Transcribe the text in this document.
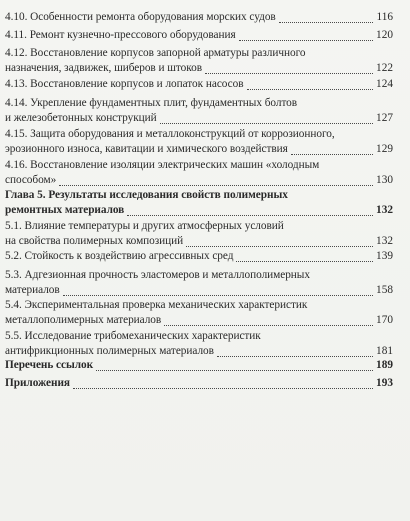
4.10. Особенности ремонта оборудования морских судов	116
4.11. Ремонт кузнечно-прессового оборудования	120
4.12. Восстановление корпусов запорной арматуры различного
назначения, задвижек, шиберов и штоков	122
4.13. Восстановление корпусов и лопаток насосов	124
4.14. Укрепление фундаментных плит, фундаментных болтов
и железобетонных конструкций	127
4.15. Защита оборудования и металлоконструкций от коррозионного,
эрозионного износа, кавитации и химического воздействия	129
4.16. Восстановление изоляции электрических машин «холодным
способом»	130
Глава 5. Результаты исследования свойств полимерных
ремонтных материалов	132
5.1. Влияние температуры и других атмосферных условий
на свойства полимерных композиций	132
5.2. Стойкость к воздействию агрессивных сред	139
5.3. Адгезионная прочность эластомеров и металлополимерных
материалов	158
5.4. Экспериментальная проверка механических характеристик
металлополимерных материалов	170
5.5. Исследование трибомеханических характеристик
антифрикционных полимерных материалов	181
Перечень ссылок	189
Приложения	193
